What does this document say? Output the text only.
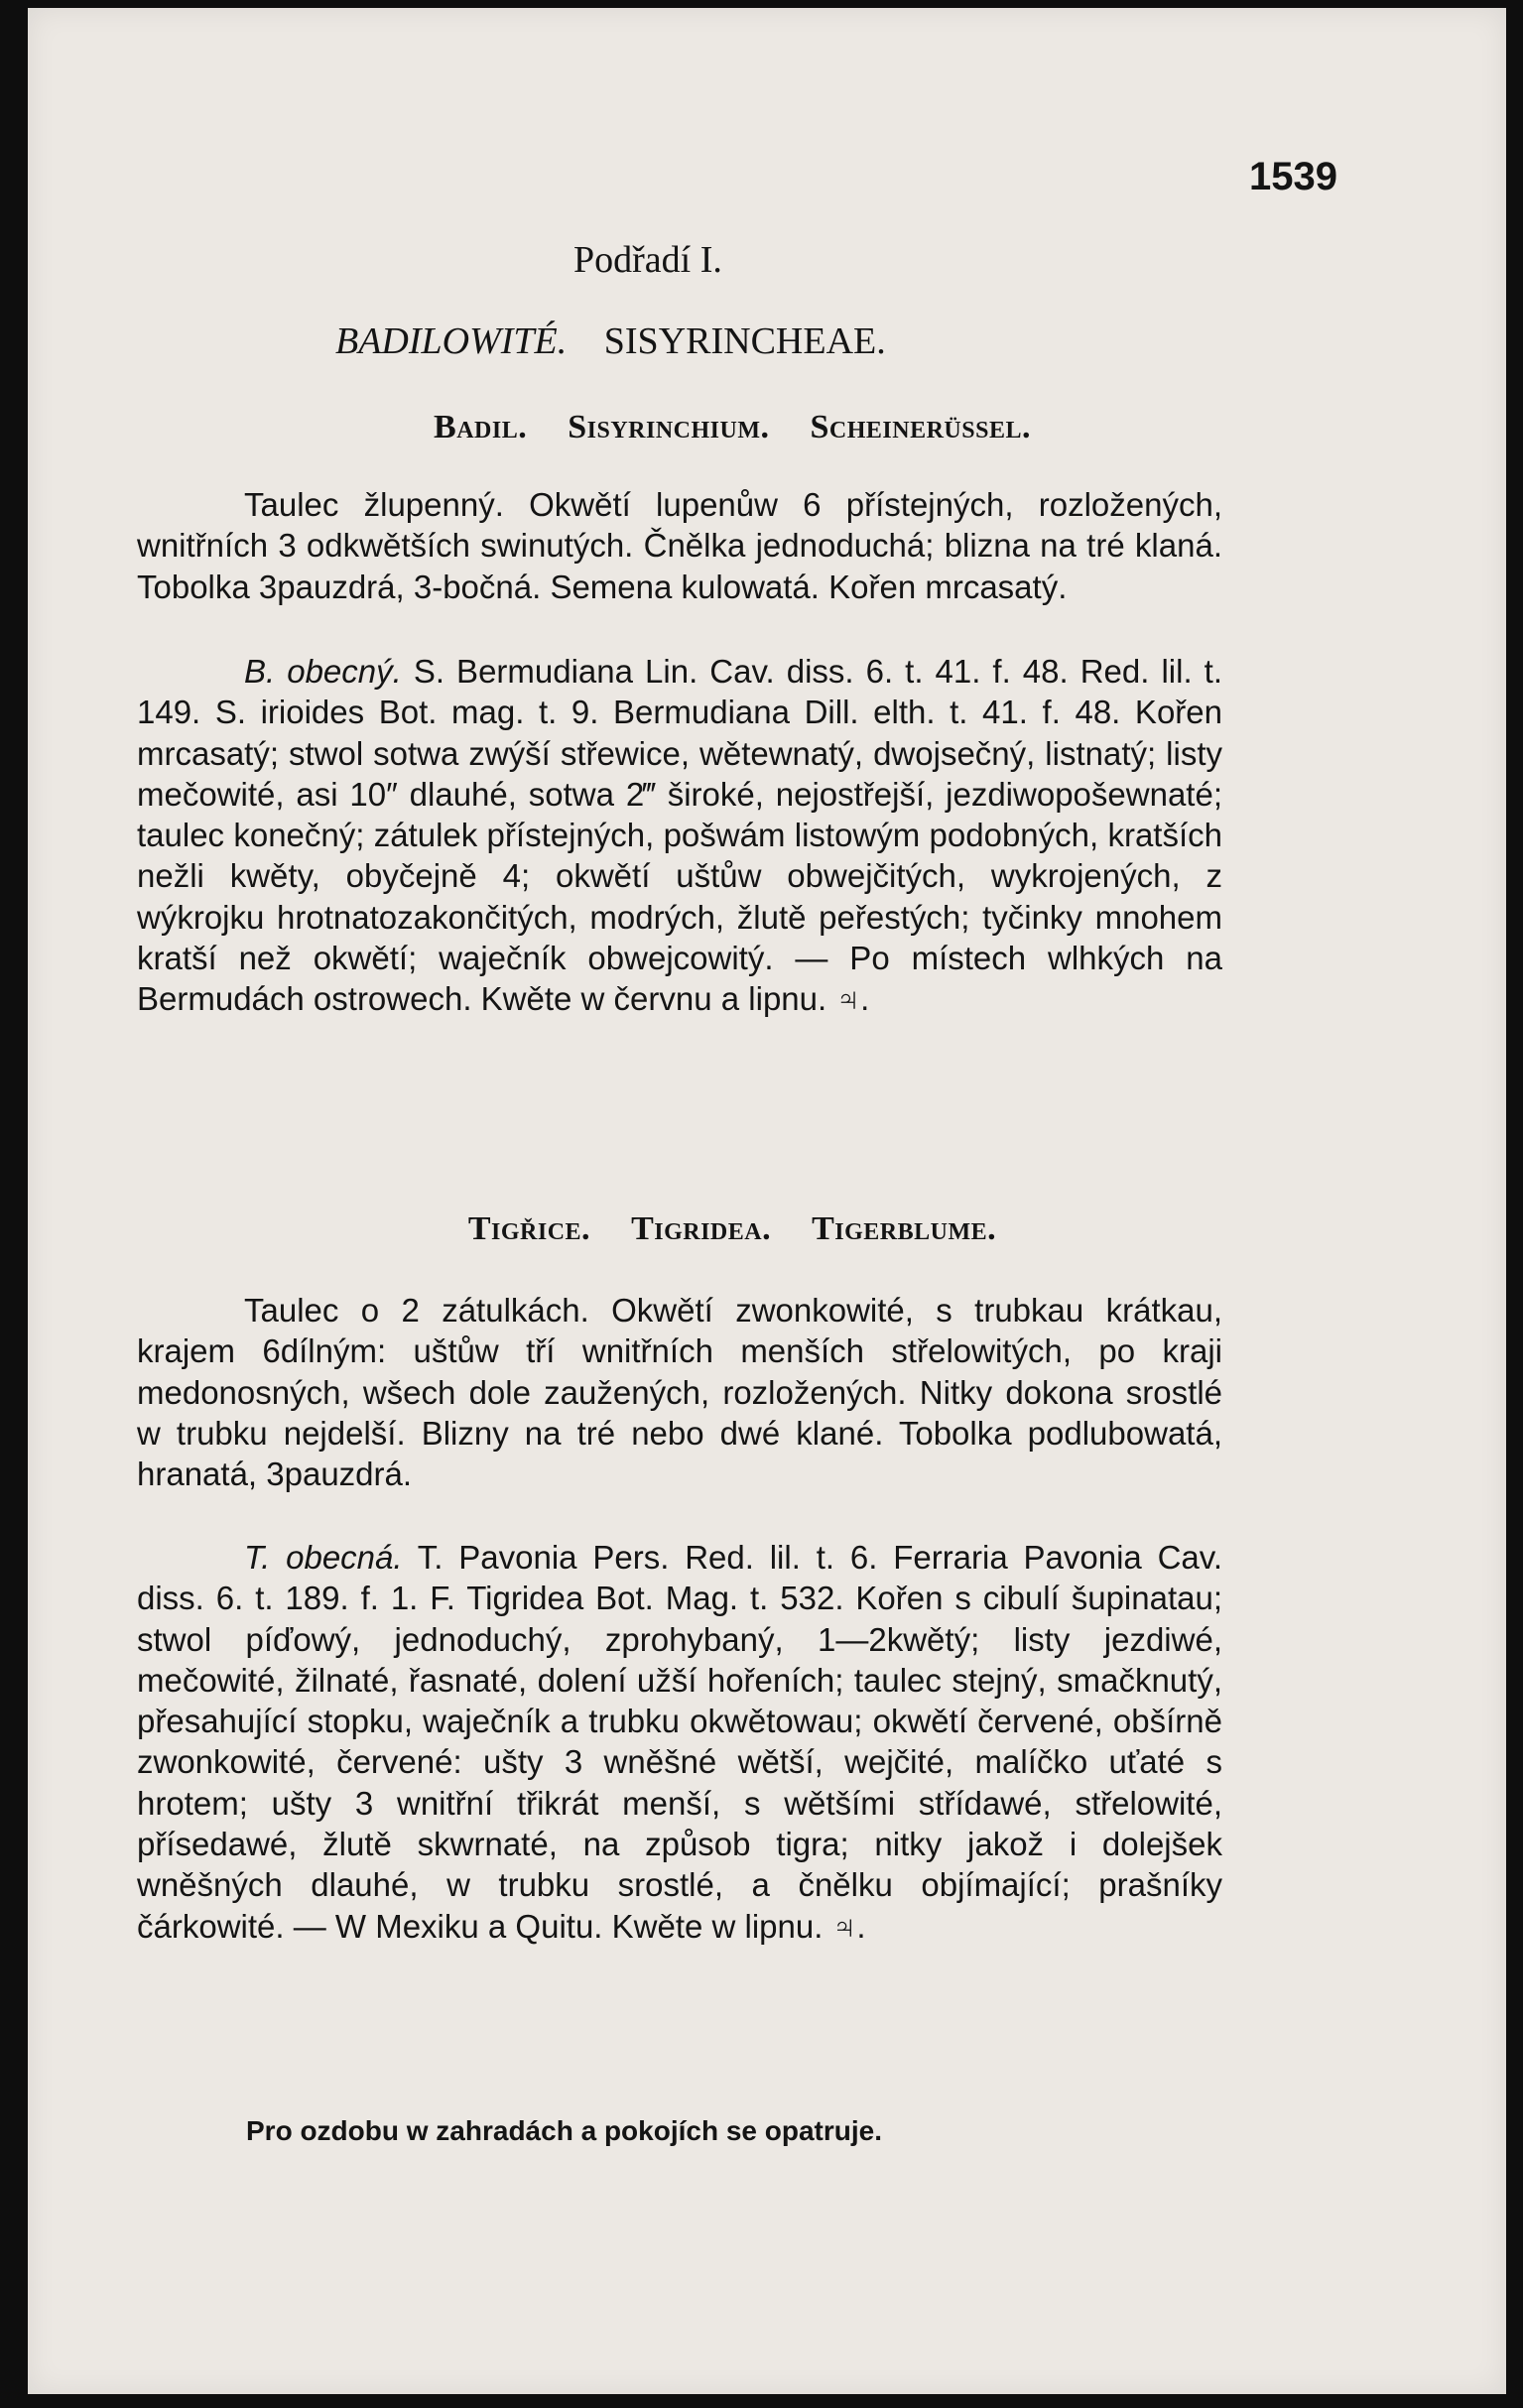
1539
Podřadí I.
BADILOWITÉ. SISYRINCHEAE.
Badil. Sisyrinchium. Scheinerüssel.
Taulec žlupenný. Okwětí lupenůw 6 přístejných, rozložených, wnitřních 3 odkwětších swinutých. Čnělka jednoduchá; blizna na tré klaná. Tobolka 3pauzdrá, 3-bočná. Semena kulowatá. Kořen mrcasatý.
B. obecný. S. Bermudiana Lin. Cav. diss. 6. t. 41. f. 48. Red. lil. t. 149. S. irioides Bot. mag. t. 9. Bermudiana Dill. elth. t. 41. f. 48. Kořen mrcasatý; stwol sotwa zwýší střewice, wětewnatý, dwojsečný, listnatý; listy mečowité, asi 10″ dlauhé, sotwa 2‴ široké, nejostřejší, jezdiwopošewnaté; taulec konečný; zátulek přístejných, pošwám listowým podobných, kratších nežli kwěty, obyčejně 4; okwětí uštůw obwejčitých, wykrojených, z wýkrojku hrotnatozakončitých, modrých, žlutě peřestých; tyčinky mnohem kratší než okwětí; waječník obwejcowitý. — Po místech wlhkých na Bermudách ostrowech. Kwěte w červnu a lipnu. ♃.
Tigřice. Tigridea. Tigerblume.
Taulec o 2 zátulkách. Okwětí zwonkowité, s trubkau krátkau, krajem 6dílným: uštůw tří wnitřních menších střelowitých, po kraji medonosných, wšech dole zaužených, rozložených. Nitky dokona srostlé w trubku nejdelší. Blizny na tré nebo dwé klané. Tobolka podlubowatá, hranatá, 3pauzdrá.
T. obecná. T. Pavonia Pers. Red. lil. t. 6. Ferraria Pavonia Cav. diss. 6. t. 189. f. 1. F. Tigridea Bot. Mag. t. 532. Kořen s cibulí šupinatau; stwol píďowý, jednoduchý, zprohybaný, 1—2kwětý; listy jezdiwé, mečowité, žilnaté, řasnaté, dolení užší hořeních; taulec stejný, smačknutý, přesahující stopku, waječník a trubku okwětowau; okwětí červené, obšírně zwonkowité, červené: ušty 3 wněšné wětší, wejčité, malíčko uťaté s hrotem; ušty 3 wnitřní třikrát menší, s wětšími střídawé, střelowité, přísedawé, žlutě skwrnaté, na způsob tigra; nitky jakož i dolejšek wněšných dlauhé, w trubku srostlé, a čnělku objímající; prašníky čárkowité. — W Mexiku a Quitu. Kwěte w lipnu. ♃.
Pro ozdobu w zahradách a pokojích se opatruje.
